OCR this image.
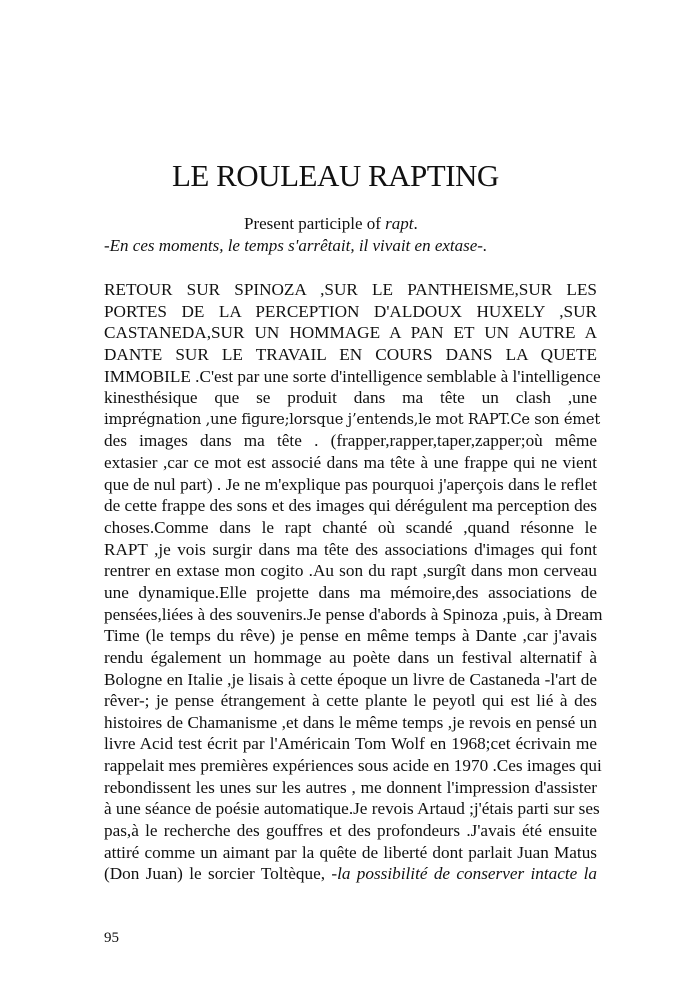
LE ROULEAU RAPTING
Present participle of rapt.
-En ces moments, le temps s'arrêtait, il vivait en extase-.
RETOUR SUR SPINOZA ,SUR LE PANTHEISME,SUR LES
PORTES DE LA PERCEPTION D'ALDOUX HUXELY ,SUR
CASTANEDA,SUR UN HOMMAGE A PAN ET UN AUTRE A
DANTE SUR LE TRAVAIL EN COURS DANS LA QUETE
IMMOBILE .C'est par une sorte d'intelligence semblable à l'intelligence
kinesthésique que se produit dans ma tête un clash ,une
imprégnation ,une figure;lorsque j’entends,le mot RAPT.Ce son émet
des images dans ma tête . (frapper,rapper,taper,zapper;où même
extasier ,car ce mot est associé dans ma tête à une frappe qui ne vient
que de nul part) . Je ne m'explique pas pourquoi j'aperçois dans le reflet
de cette frappe des sons et des images qui dérégulent ma perception des
choses.Comme dans le rapt chanté où scandé ,quand résonne le
RAPT ,je vois surgir dans ma tête des associations d'images qui font
rentrer en extase mon cogito .Au son du rapt ,surgît dans mon cerveau
une dynamique.Elle projette dans ma mémoire,des associations de
pensées,liées à des souvenirs.Je pense d'abords à Spinoza ,puis, à Dream
Time (le temps du rêve) je pense en même temps à Dante ,car j'avais
rendu également un hommage au poète dans un festival alternatif à
Bologne en Italie ,je lisais à cette époque un livre de Castaneda -l'art de
rêver-; je pense étrangement à cette plante le peyotl qui est lié à des
histoires de Chamanisme ,et dans le même temps ,je revois en pensé un
livre Acid test écrit par l'Américain Tom Wolf en 1968;cet écrivain me
rappelait mes premières expériences sous acide en 1970 .Ces images qui
rebondissent les unes sur les autres , me donnent l'impression d'assister
à une séance de poésie automatique.Je revois Artaud ;j'étais parti sur ses
pas,à le recherche des gouffres et des profondeurs .J'avais été ensuite
attiré comme un aimant par la quête de liberté dont parlait Juan Matus
(Don Juan) le sorcier Toltèque, -la possibilité de conserver intacte la
95
